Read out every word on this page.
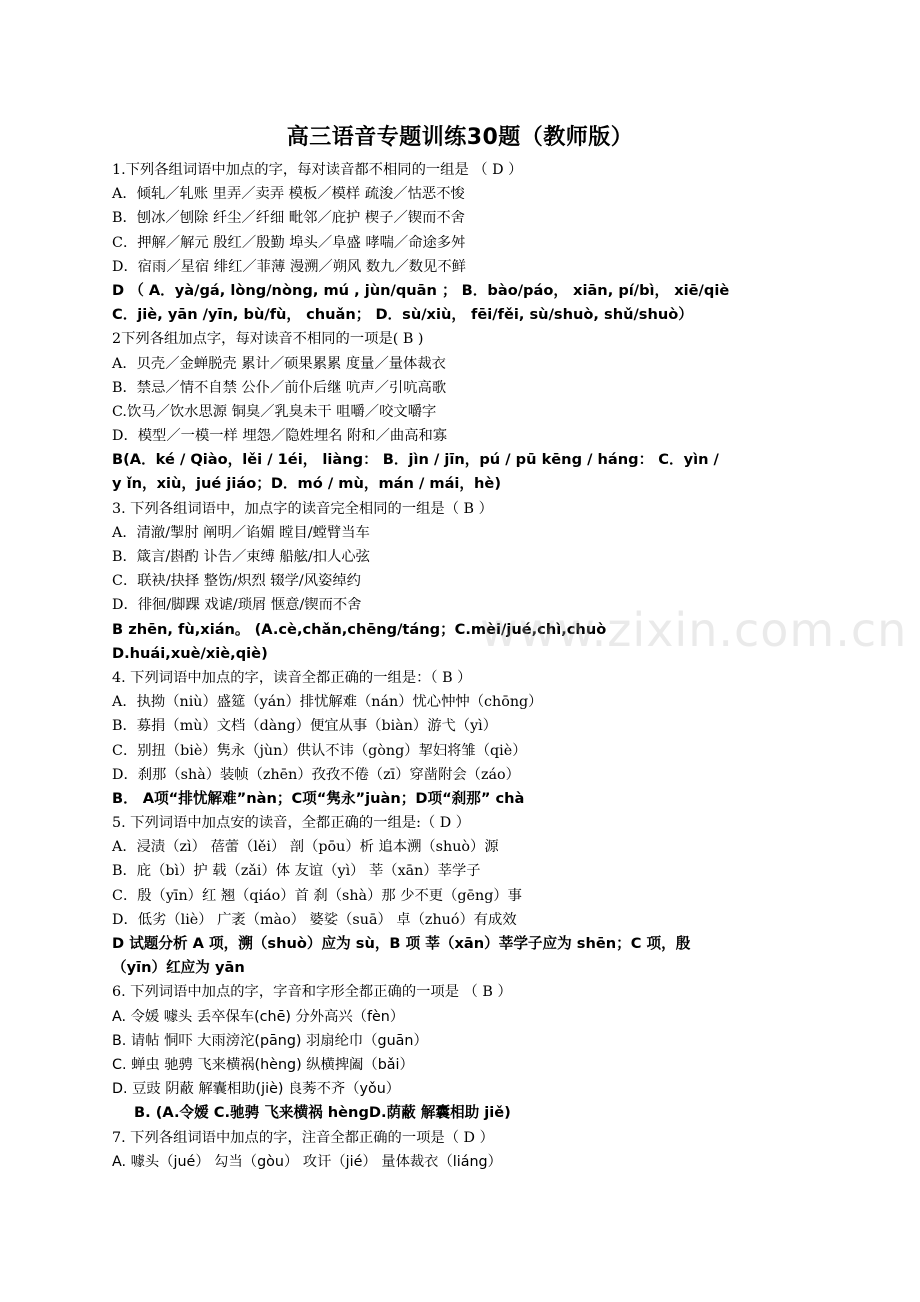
高三语音专题训练30题（教师版）
1.下列各组词语中加点的字，每对读音都不相同的一组是 （ D ）
A．倾轧／轧账 里弄／卖弄 模板／模样 疏浚／怙恶不悛
B．刨冰／刨除 纤尘／纤细 毗邻／庇护 楔子／锲而不舍
C．押解／解元 殷红／殷勤 埠头／阜盛 哮喘／命途多舛
D．宿雨／星宿 绯红／菲薄 漫溯／朔风 数九／数见不鲜
D （ A．yà/gá, lòng/nòng, mú , jùn/quān ； B．bào/páo， xiān, pí/bì， xiē/qiè
C．jiè, yān /yīn, bù/fù， chuǎn； D．sù/xiù， fēi/fěi, sù/shuò, shǔ/shuò）
2下列各组加点字，每对读音不相同的一项是( B )
A．贝壳／金蝉脱壳 累计／硕果累累 度量／量体裁衣
B．禁忌／情不自禁 公仆／前仆后继 吭声／引吭高歌
C.饮马／饮水思源 铜臭／乳臭未干 咀嚼／咬文嚼字
D．模型／一模一样 埋怨／隐姓埋名 附和／曲高和寡
B(A．ké / Qiào，lěi / 1éi， liàng： B．jìn / jīn，pú / pū kēng / háng： C．yìn /
y ǐn，xiù，jué jiáo；D．mó / mù，mán / mái，hè)
3. 下列各组词语中，加点字的读音完全相同的一组是（ B ）
A．清澈/掣肘 阐明／谄媚 瞠目/螳臂当车
B．箴言/斟酌 讣告／束缚 船舷/扣人心弦
C．联袂/抉择 整饬/炽烈 辍学/风姿绰约
D．徘徊/脚踝 戏谑/琐屑 惬意/锲而不舍
B zhēn, fù,xián。 (A.cè,chǎn,chēng/táng；C.mèi/jué,chì,chuò
D.huái,xuè/xiè,qiè)
4. 下列词语中加点的字，读音全都正确的一组是：（ B ）
A．执拗（niù）盛筵（yán）排忧解难（nán）忧心忡忡（chōng）
B．募捐（mù）文档（dàng）便宜从事（biàn）游弋（yì）
C．别扭（biè）隽永（jùn）供认不讳（gòng）挈妇将雏（qiè）
D．刹那（shà）装帧（zhēn）孜孜不倦（zī）穿凿附会（záo）
B． A项“排忧解难”nàn；C项“隽永”juàn；D项“刹那” chà
5. 下列词语中加点安的读音，全都正确的一组是:（ D ）
A．浸渍（zì） 蓓蕾（lěi） 剖（pōu）析 追本溯（shuò）源
B．庇（bì）护 载（zǎi）体 友谊（yì） 莘（xān）莘学子
C．殷（yīn）红 翘（qiáo）首 刹（shà）那 少不更（gēng）事
D．低劣（liè） 广袤（mào） 婆娑（suā） 卓（zhuó）有成效
D 试题分析 A 项，溯（shuò）应为 sù，B 项 莘（xān）莘学子应为 shēn；C 项，殷
（yīn）红应为 yān
6. 下列词语中加点的字，字音和字形全都正确的一项是 （ B ）
A. 令媛 噱头 丢卒保车(chē) 分外高兴（fèn）
B. 请帖 恫吓 大雨滂沱(pāng) 羽扇纶巾（guān）
C. 蝉虫 驰骋 飞来横祸(hèng) 纵横捭阖（bǎi）
D. 豆豉 阴蔽 解囊相助(jiè) 良莠不齐（yǒu）
B. (A.令嫒 C.驰骋 飞来横祸 hèngD.荫蔽 解囊相助 jiě)
7. 下列各组词语中加点的字，注音全都正确的一项是（ D ）
A. 噱头（jué） 勾当（gòu） 攻讦（jié） 量体裁衣（liáng）
www.zixin.com.cn
